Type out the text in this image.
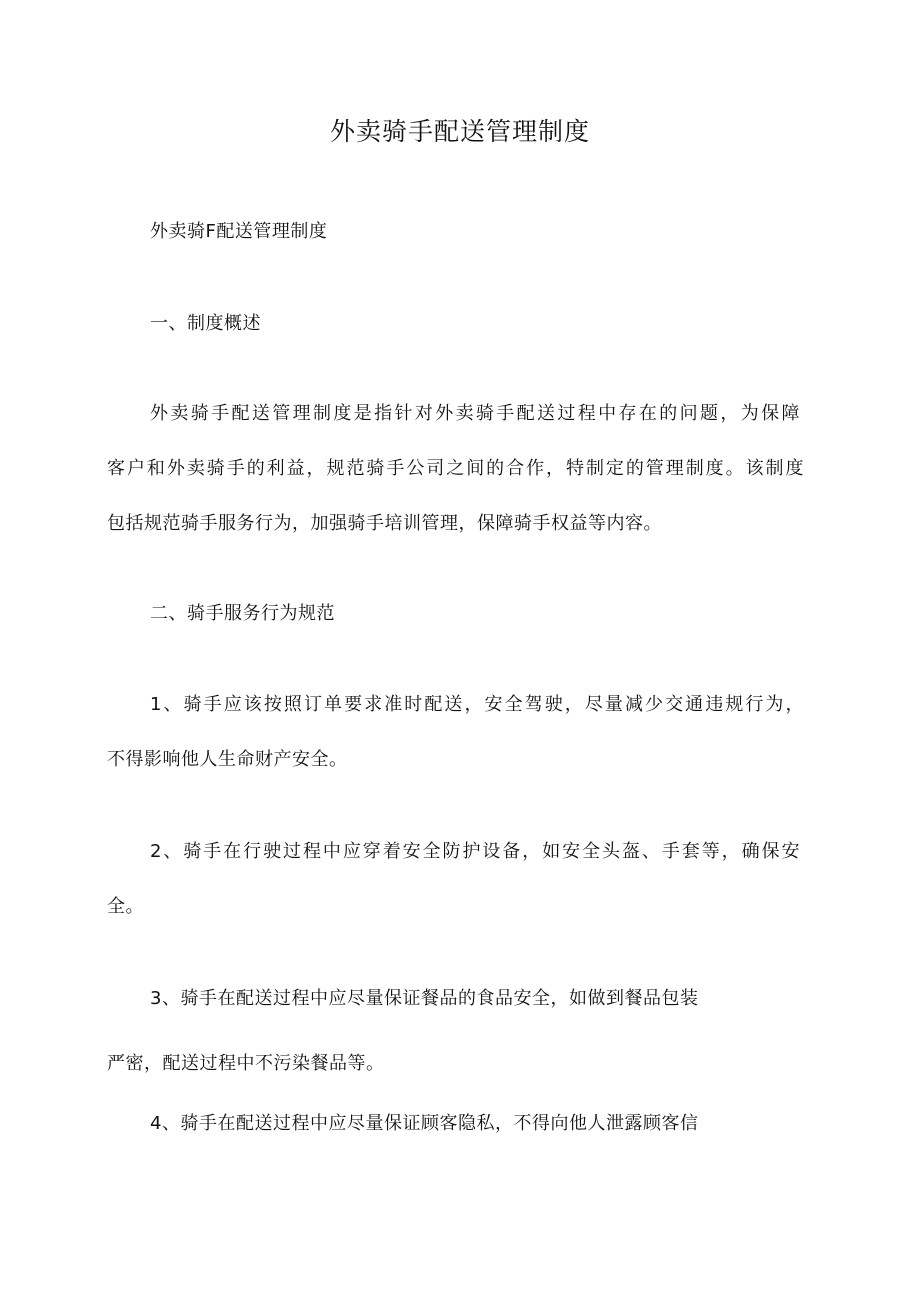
外卖骑手配送管理制度
外卖骑F配送管理制度
一、制度概述
外卖骑手配送管理制度是指针对外卖骑手配送过程中存在的问题，为保障
客户和外卖骑手的利益，规范骑手公司之间的合作，特制定的管理制度。该制度
包括规范骑手服务行为，加强骑手培训管理，保障骑手权益等内容。
二、骑手服务行为规范
1、骑手应该按照订单要求准时配送，安全驾驶，尽量减少交通违规行为，
不得影响他人生命财产安全。
2、骑手在行驶过程中应穿着安全防护设备，如安全头盔、手套等，确保安
全。
3、骑手在配送过程中应尽量保证餐品的食品安全，如做到餐品包装
严密，配送过程中不污染餐品等。
4、骑手在配送过程中应尽量保证顾客隐私，不得向他人泄露顾客信
